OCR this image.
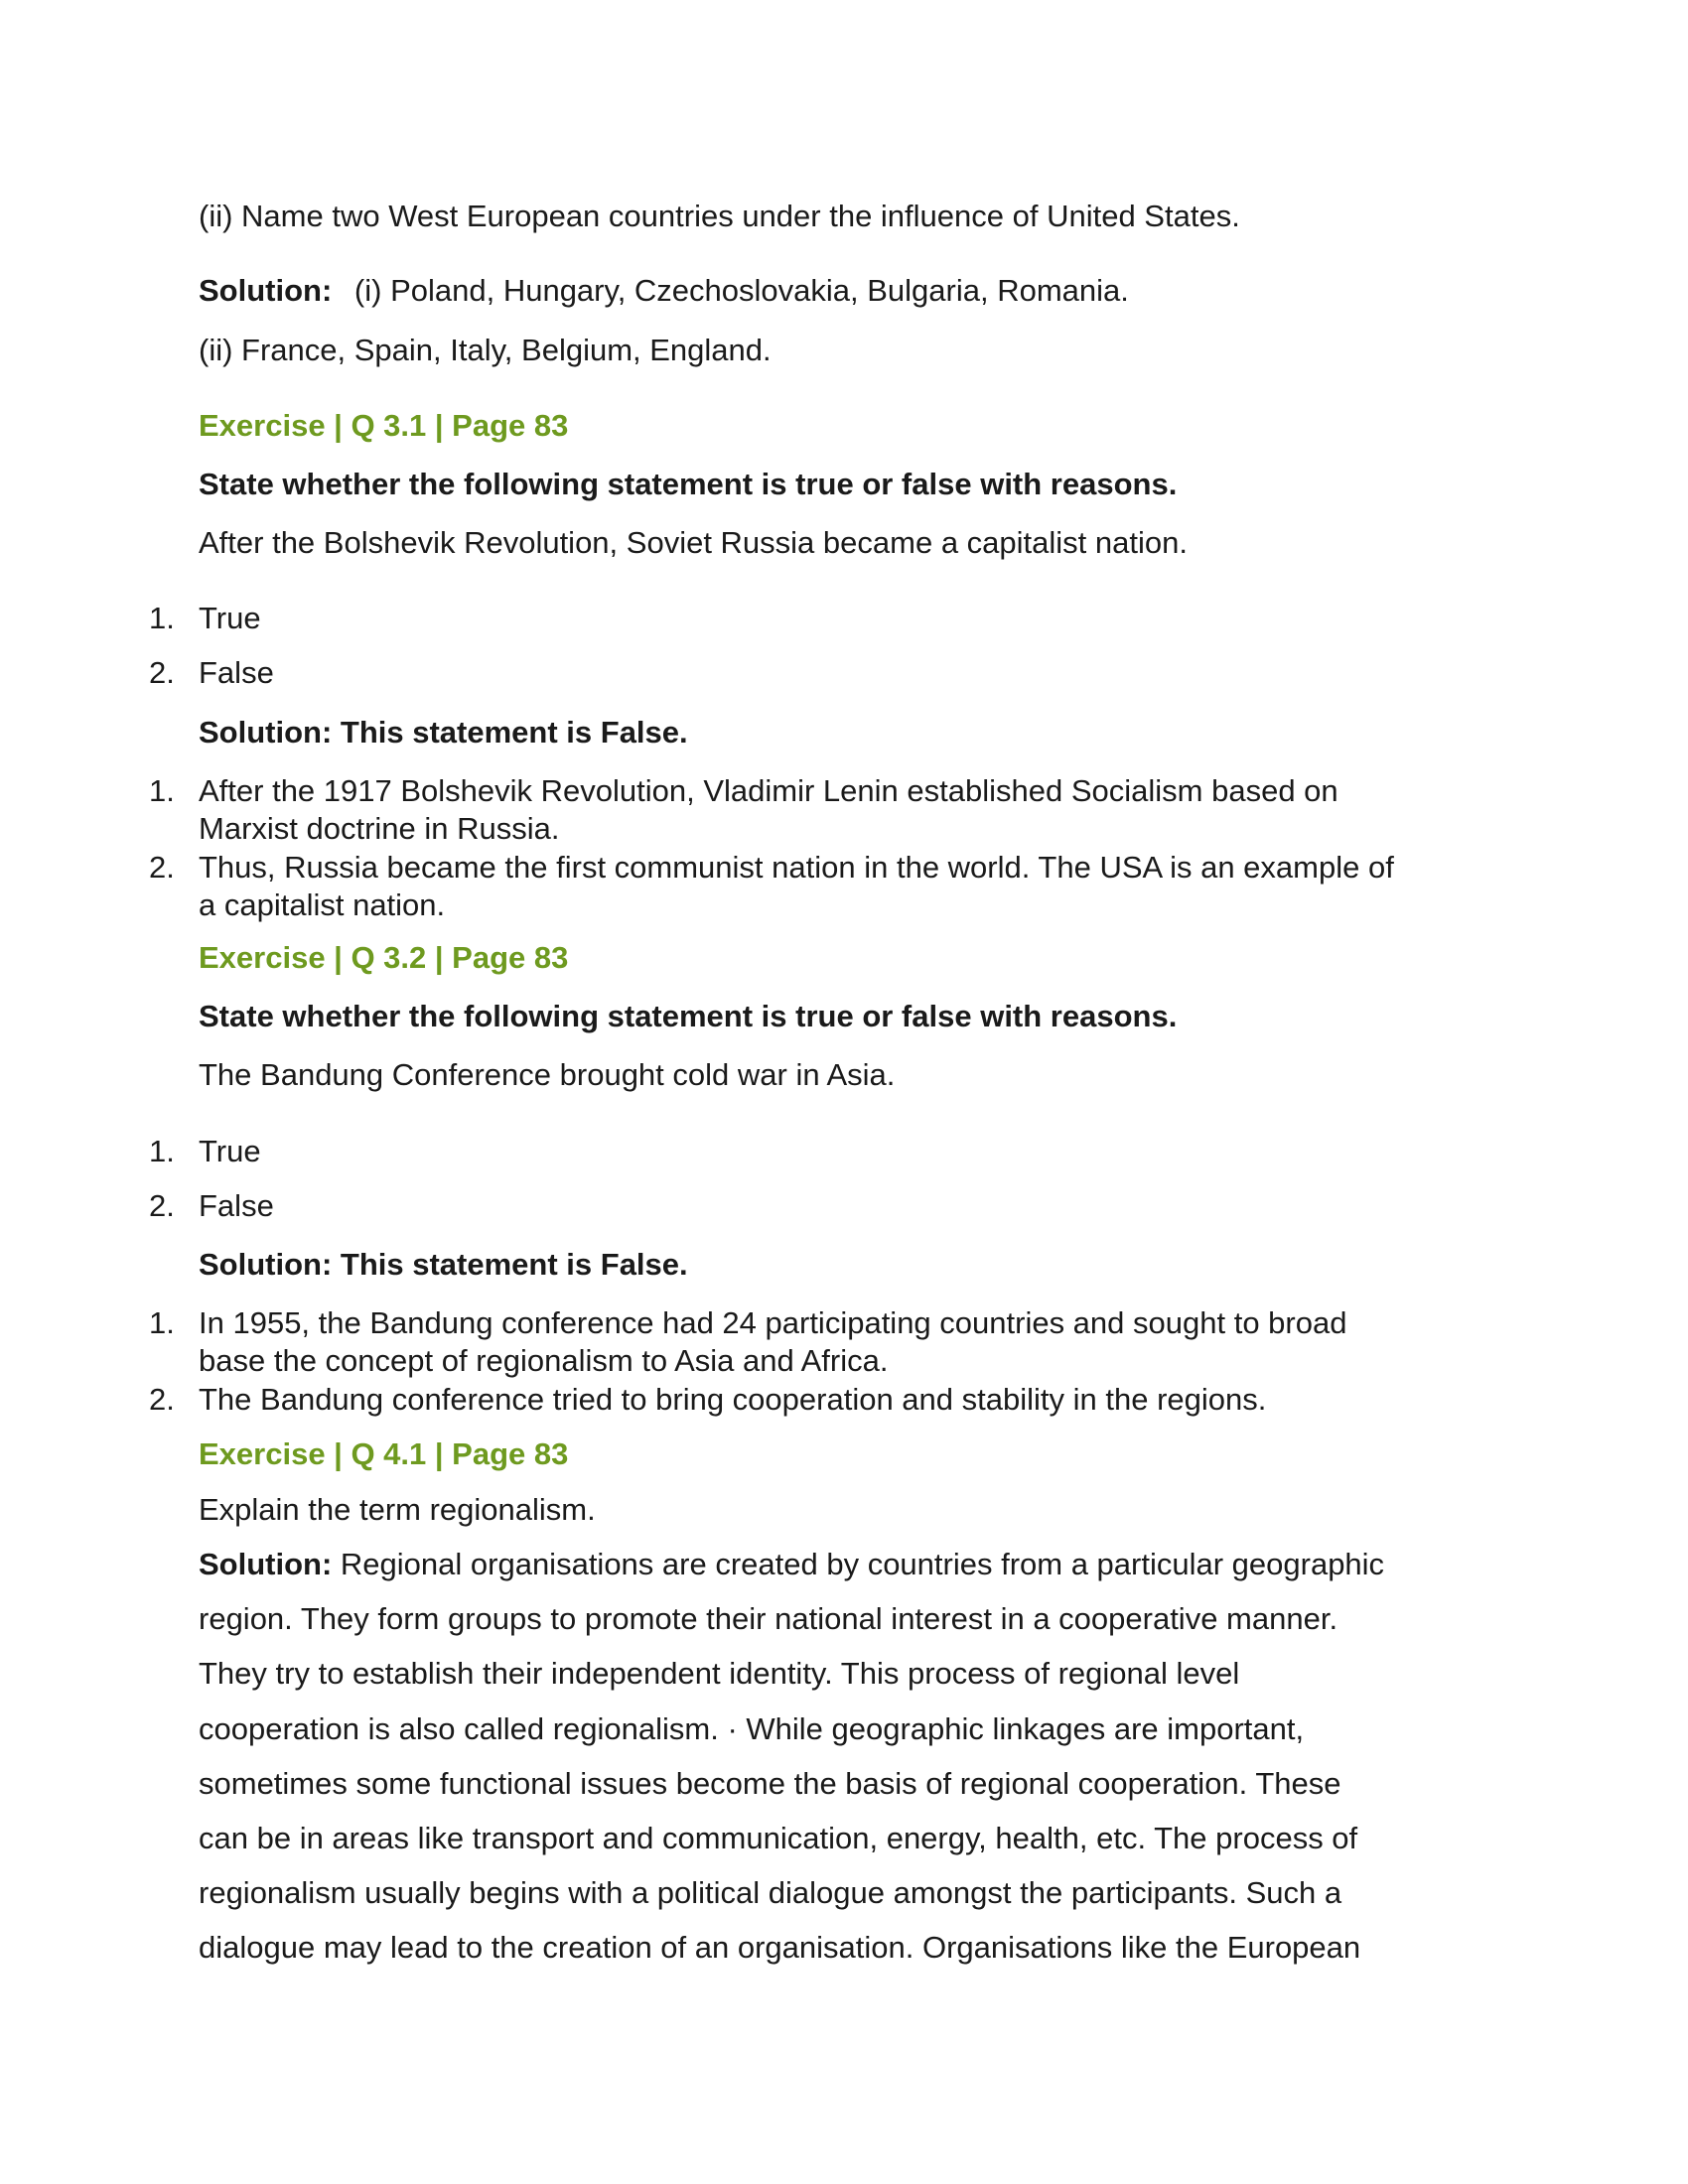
(ii) Name two West European countries under the influence of United States.
Solution: (i) Poland, Hungary, Czechoslovakia, Bulgaria, Romania.
(ii) France, Spain, Italy, Belgium, England.
Exercise | Q 3.1 | Page 83
State whether the following statement is true or false with reasons.
After the Bolshevik Revolution, Soviet Russia became a capitalist nation.
1. True
2. False
Solution: This statement is False.
1. After the 1917 Bolshevik Revolution, Vladimir Lenin established Socialism based on
Marxist doctrine in Russia.
2. Thus, Russia became the first communist nation in the world. The USA is an example of
a capitalist nation.
Exercise | Q 3.2 | Page 83
State whether the following statement is true or false with reasons.
The Bandung Conference brought cold war in Asia.
1. True
2. False
Solution: This statement is False.
1. In 1955, the Bandung conference had 24 participating countries and sought to broad
base the concept of regionalism to Asia and Africa.
2. The Bandung conference tried to bring cooperation and stability in the regions.
Exercise | Q 4.1 | Page 83
Explain the term regionalism.
Solution: Regional organisations are created by countries from a particular geographic
region. They form groups to promote their national interest in a cooperative manner.
They try to establish their independent identity. This process of regional level
cooperation is also called regionalism. · While geographic linkages are important,
sometimes some functional issues become the basis of regional cooperation. These
can be in areas like transport and communication, energy, health, etc. The process of
regionalism usually begins with a political dialogue amongst the participants. Such a
dialogue may lead to the creation of an organisation. Organisations like the European
